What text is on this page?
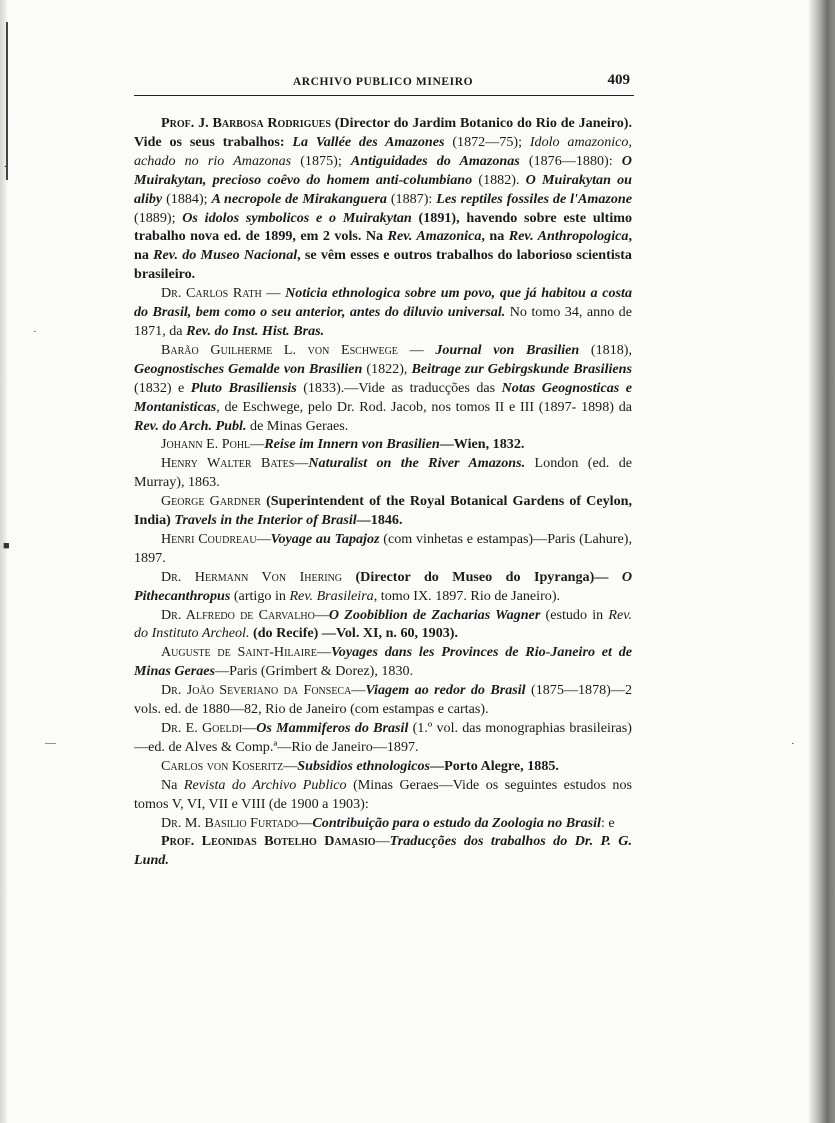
.
·
■
—	·
ARCHIVO PUBLICO MINEIRO	409

Prof. J. Barbosa Rodrigues (Director do Jardim Botanico do Rio de Janeiro). Vide os seus trabalhos: La Vallée des Amazones (1872—75); Idolo amazonico, achado no rio Amazonas (1875); Antiguidades do Amazonas (1876—1880): O Muirakytan, precioso coêvo do homem anti-columbiano (1882). O Muirakytan ou aliby (1884); A necropole de Mirakanguera (1887): Les reptiles fossiles de l'Amazone (1889); Os idolos symbolicos e o Muirakytan (1891), havendo sobre este ultimo trabalho nova ed. de 1899, em 2 vols. Na Rev. Amazonica, na Rev. Anthropologica, na Rev. do Museo Nacional, se vêm esses e outros trabalhos do laborioso scientista brasileiro.

Dr. Carlos Rath — Noticia ethnologica sobre um povo, que já habitou a costa do Brasil, bem como o seu anterior, antes do diluvio universal. No tomo 34, anno de 1871, da Rev. do Inst. Hist. Bras.

Barão Guilherme L. von Eschwege — Journal von Brasilien (1818), Geognostisches Gemalde von Brasilien (1822), Beitrage zur Gebirgskunde Brasiliens (1832) e Pluto Brasiliensis (1833).—Vide as traducções das Notas Geognosticas e Montanisticas, de Eschwege, pelo Dr. Rod. Jacob, nos tomos II e III (1897- 1898) da Rev. do Arch. Publ. de Minas Geraes.

Johann E. Pohl—Reise im Innern von Brasilien—Wien, 1832.

Henry Walter Bates—Naturalist on the River Amazons. London (ed. de Murray), 1863.

George Gardner (Superintendent of the Royal Botanical Gardens of Ceylon, India) Travels in the Interior of Brasil—1846.

Henri Coudreau—Voyage au Tapajoz (com vinhetas e estampas)—Paris (Lahure), 1897.

Dr. Hermann Von Ihering (Director do Museo do Ipyranga)— O Pithecanthropus (artigo in Rev. Brasileira, tomo IX. 1897. Rio de Janeiro).

Dr. Alfredo de Carvalho—O Zoobiblion de Zacharias Wagner (estudo in Rev. do Instituto Archeol. (do Recife) —Vol. XI, n. 60, 1903).

Auguste de Saint-Hilaire—Voyages dans les Provinces de Rio-Janeiro et de Minas Geraes—Paris (Grimbert & Dorez), 1830.

Dr. João Severiano da Fonseca—Viagem ao redor do Brasil (1875—1878)—2 vols. ed. de 1880—82, Rio de Janeiro (com estampas e cartas).

Dr. E. Goeldi—Os Mammiferos do Brasil (1.º vol. das monographias brasileiras)—ed. de Alves & Comp.ª—Rio de Janeiro—1897.

Carlos von Koseritz—Subsidios ethnologicos—Porto Alegre, 1885.

Na Revista do Archivo Publico (Minas Geraes—Vide os seguintes estudos nos tomos V, VI, VII e VIII (de 1900 a 1903):

Dr. M. Basilio Furtado—Contribuição para o estudo da Zoologia no Brasil: e

Prof. Leonidas Botelho Damasio—Traducções dos trabalhos do Dr. P. G. Lund.
